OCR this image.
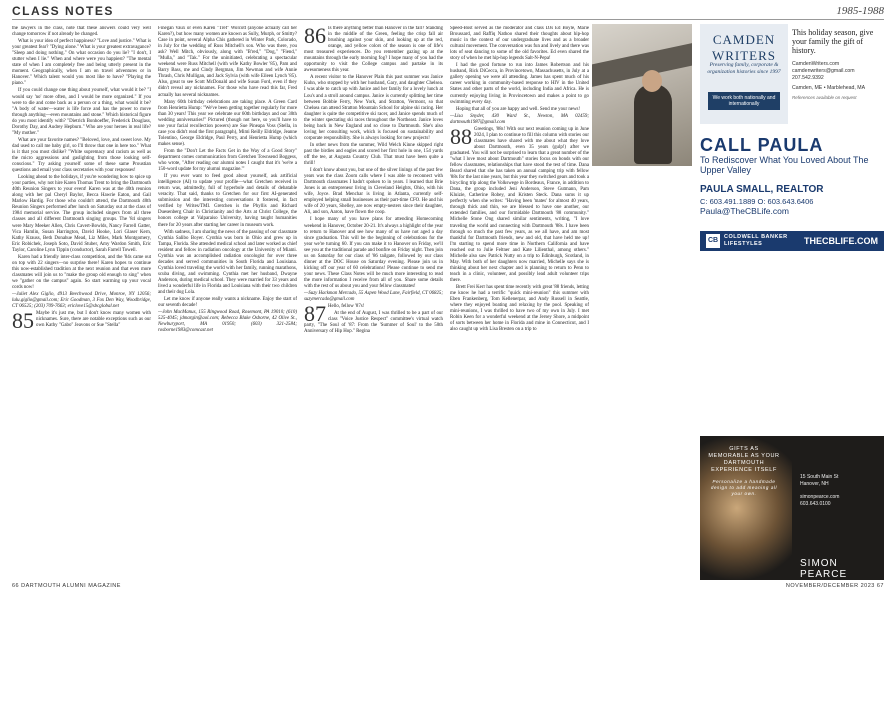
CLASS NOTES	1985-1988

the lawyers in the class, note that these answers could very well change tomorrow if not already be changed.

What is your idea of perfect happiness? "Love and justice." What is your greatest fear? "Dying alone." What is your greatest extravagance? "Sleep and doing nothing." On what occasion do you lie? "I don't, I stutter when I lie." When and where were you happiest? "The mental state of when I am completely free and being utterly present in the moment. Geographically, when I am on travel adventures or in Hanover." Which talent would you most like to have? "Playing the piano."

If you could change one thing about yourself, what would it be? "I would say 'no' more often, and I would be more organized." If you were to die and come back as a person or a thing, what would it be? "A body of water—water is life force and has the power to move through anything—even mountains and stone." Which historical figure do you most identify with? "Dietrich Bonhoeffer, Frederick Douglass, Dorothy Day, and Audrey Hepburn." Who are your heroes in real life? "My mother."

What are your favorite names? "Beloved, love, and sweet love. My dad used to call me baby girl, so I'll throw that one in here too." What is it that you most dislike? "White supremacy and racism as well as the micro aggressions and gaslighting from those looking self-conscious." Try asking yourself some of these same Proustian questions and email your class secretaries with your responses!

Looking ahead to the holidays, if you're wondering how to spice up your parties, why not hire Karen Thomas Trent to bring the Dartmouth 40th Reunion Singers to your event! Karen was at the 40th reunion along with her pal Cheryl Baylor, Becca Hawrie Eaton, and Gail Marlow Hardig. For those who couldn't attend, the Dartmouth 40th Reunion Singers performed after lunch on Saturday out at the class of 1984 memorial service. The group included singers from all three classes and all different Dartmouth singing groups. The '84 singers were Mary Meeker Allen, Chris Cavert-Bowlds, Nancy Farrell Gatter, Vica Hamlin, Susan Harrington, David Hooke, Lori Glaser Kern, Kathy Krauss, Beth Donahue Mead, Liz Miles, Mark Montgomery, Eric Robichek, Joseph Soto, David Stuber, Amy Wardon Smith, Eric Taylor, Caroline Lynn Tippin (conductor), Sarah Farrell Towell.

Karen had a friendly inter-class competition, and the '84s came out on top with 22 singers—no surprise there! Karen hopes to continue this now-established tradition at the next reunion and that even more classmates will join us to "make the group old enough to sing" when we "gather on the campus" again. So start warming up your vocal cords now!

—Juliet Alex Giglio, 4913 Beechwood Drive, Monroe, NY 12056; lulu.giglio@gmail.com; Eric Goodman, 3 Fox Den Way, Woodbridge, CT 06525; (203) 709-7663; ericlove15@sbcglobal.net

85 Maybe it's just me, but I don't know many women with nicknames. Sure, there are notable exceptions such as our own Kathy "Gabo" Jeavons or Sue "Stella"

Finegan Vaux or even Karen "Tref" Wolcott (anyone actually call her Karen?), but how many women are known as Sully, Murph, or Smitty? Case in point, several Alpha Chis gathered in Winter Park, Colorado, in July for the wedding of Russ Mitchell's son. Who was there, you ask? Well Mitch, obviously, along with "B'red," "Dog," "Fiend," "Mulla," and "Tak." For the uninitiated, celebrating a spectacular weekend were Russ Mitchell (with wife Kathy Bowler '85), Pam and Barry Bass, me and Cindy Bergman, Jim Newman and wife Annie Thrash, Chris Mulligan, and Jack Sylvia (with wife Eileen Lynch '85). Also, great to see Scott McDonald and wife Susan Ford, even if they didn't reveal any nicknames. For those who have read this far, Fred actually has several nicknames.

Many 60th birthday celebrations are taking place. A Green Card from Henrietta Hump: "We've been getting together regularly for more than 30 years! This year we celebrate our 60th birthdays and our 30th wedding anniversaries!" Pictured (though not here, so you'll have to use your facial recollection powers) are Sue Pineapa Voss (Stella, in case you didn't read the first paragraph), Mimi Reilly Eldridge, Jeanne Tolentino, George Eldridge, Paul Perry, and Henrietta Hump (which makes sense).

From the "Don't Let the Facts Get in the Way of a Good Story" department comes communication from Gretchen Townsend Boggess, who wrote, "After reading our alumni notes I caught that it's 'we're a 150-word update for my alumni magazine.'"

If you ever want to feed good about yourself, ask artificial intelligence (AI) to update your profile—what Gretchen received in return was, admittedly, full of hyperbole and details of debatable veracity. That said, thanks to Gretchen for our first AI-generated submission and the interesting conversations it fostered, in fact verified by Writes/TMI. Gretchen is the Phyllis and Richard Duesenberg Chair in Christianity and the Arts at Christ College, the honors college at Valparaiso University, having taught humanities there for 20 years after starting her career in museum work.

With sadness, I am sharing the news of the passing of our classmate Cynthia Salibo Boyer. Cynthia was born in Ohio and grew up in Tampa, Florida. She attended medical school and later worked as chief resident and fellow in radiation oncology at the University of Miami. Cynthia was an accomplished radiation oncologist for over three decades and served communities in South Florida and Louisiana. Cynthia loved traveling the world with her family, running marathons, scuba diving, and swimming. Cynthia met her husband, Dwayne Anderson, during medical school. They were married for 33 years and lived a wonderful life in Florida and Louisiana with their two children and their dog Lola.

Let me know if anyone really wants a nickname. Enjoy the start of our seventh decade!

—John MacManus, 155 Ringwood Road, Rosemont, PA 19010; (610) 525-4045; jdmargin@aol.com; Rebecca Blake Osborne, 42 Olive St., Newburyport, MA 01950; (603) 321-2584; rosborne1983@comcast.net

86 Is there anything better than Hanover in the fall? Standing in the middle of the Green, feeling the crisp fall air brushing against your skin, and looking up at the red, orange, and yellow colors of the season is one of life's most treasured experiences. Do you remember gazing up at the mountains through the early morning fog? I hope many of you had the opportunity to visit the College campus and partake in its awesomeness this year.

A recent visitor to the Hanover Plain this past summer was Janice Kuhn, who stopped by with her husband, Gary, and daughter Chelsea. I was able to catch up with Janice and her family for a lovely lunch at Lou's and a stroll around campus. Janice is currently splitting her time between Bobbie Ferry, New York, and Stratton, Vermont, so that Chelsea can attend Stratton Mountain School for alpine ski racing. Her daughter is quite the competitive ski racer, and Janice spends much of the winter spectating ski races throughout the Northeast. Janice loves being back in New England and so close to Dartmouth. She's also loving her consulting work, which is focused on sustainability and corporate responsibility. She is always looking for new projects!

In other news from the summer, Wild Welch Kinne skipped right past the birdies and eagles and scored her first hole in one, 154 yards off the tee, at Augusta Country Club. That must have been quite a thrill!

I don't know about you, but one of the silver linings of the past few years was the class Zoom calls where I was able to reconnect with Dartmouth classmates I hadn't spoken to in years. I learned that Brie Jones is an entrepreneur living in Cleveland Heights, Ohio, with his wife, Joyce. Brad Menchar is living in Atlanta, currently self-employed helping small businesses as their part-time CFO. He and his wife of 20 years, Shelley, are now empty-nesters since their daughter, Ali, and son, Aaron, have flown the coop.

I hope many of you have plans for attending Homecoming weekend in Hanover, October 20-21. It's always a highlight of the year to return to Hanover and see how many of us have not aged a day since graduation. This will be the beginning of celebrations for the year we're turning 60. If you can make it to Hanover on Friday, we'll see you at the traditional parade and bonfire on Friday night. Then join us on Saturday for our class of '86 tailgate, followed by our class dinner at the DOC House on Saturday evening. Please join us in kicking off our year of 60 celebrations! Please continue to send me your news. These Class Notes will be much more interesting to read the more information I receive from all of you. Share some details with the rest of us about you and your fellow classmates!

—Suzy Hackman Mercado, 55 Aspen Wood Lane, Fairfield, CT 06825; suzymercado@gmail.com

87 Hello, fellow '87s!

At the end of August, I was thrilled to be a part of our class "Voice Justice Respect" committee's virtual watch party, "The Soul of '87: From the 'Summer of Soul' to the 50th Anniversary of Hip Hop." Regina

Speed-Bost served as the moderator and class DJs Ed Boyle, Marie Broussard, and Raffiq Nathoo shared their thoughts about hip-hop music in the context of our undergraduate lives and as a broader cultural movement. The conversation was fun and lively and there was lots of seat dancing to some of the old favorites. Ed even shared the story of when he met hip-hop legends Salt-N-Pepa!

I had the good fortune to run into James Robertson and his husband, Rick DiCecca, in Provincetown, Massachusetts, in July at a gallery opening we were all attending. James has spent much of his career working in community-based response to HIV in the United States and other parts of the world, including India and Africa. He is currently enjoying living in Provincetown and makes a point to go swimming every day.

Hoping that all of you are happy and well. Send me your news!

—Lisa Snyder, 430 Ward St., Newton, MA 02459; dartmouth1987@gmail.com

88 Greetings, '88s! With our next reunion coming up in June 2024, I plan to continue to fill this column with stories our classmates have shared with me about what they love about Dartmouth, even 35 years (gulp!) after we graduated. You will not be surprised to learn that a great number of the "what I love most about Dartmouth" stories focus on bonds with our fellow classmates, relationships that have stood the test of time. Dana Beard shared that she has taken an annual camping trip with fellow '88s for the last nine years, but this year they switched gears and took a bicycling trip along the Volkswege in Bordeaux, France, in addition to Dana, the group included Jeni Anderson, Steve Gutmann, Pam Kluizie, Catherine Robey, and Kristen Steck. Dana sums it up perfectly when she writes: "Having been 'mates' for almost 40 years, through thick and thin, we are blessed to have one another, our extended families, and our formidable Dartmouth '88 community." Michelle Stone Ong shared similar sentiments, writing, "I love traveling the world and connecting with Dartmouth '88s. I have been through so much the past few years, as we all have, and am most thankful for Dartmouth friends, new and old, that have held me up! I'm starting to spend more time in Northern California and have reached out to Julie Feltner and Kate Lilienthal, among others." Michelle also saw Patrick Nutty on a trip to Edinburgh, Scotland, in May. With both of her daughters now married, Michelle says she is thinking about her next chapter and is planning to return to Penn to teach in a clinic, volunteer, and possibly lead adult volunteer trips there.

Brett Frei Kerr has spent time recently with great '88 friends, letting me know he had a terrific "quick mini-reunion" this summer with Eben Frankenberg, Tom Kellenerpar, and Andy Russell in Seattle, where they enjoyed boating and relaxing by the pool. Speaking of mini-reunions, I was thrilled to have two of my own in July. I met Robin Keen for a wonderful weekend at the Jersey Shore, a midpoint of sorts between her home in Florida and mine in Connecticut, and I also caught up with Lisa Bresten on a trip to

CAMDEN
WRITERS
Preserving family, corporate & organization histories since 1997
We work both nationally and internationally
This holiday season, give your family the gift of history.
CamdenWriters.com
camdenwriters@gmail.com
207.542.9392
Camden, ME • Marblehead, MA
References available on request
CALL PAULA
To Rediscover What You Loved About The Upper Valley
PAULA SMALL, REALTOR
C: 603.491.1889 O: 603.643.6406
Paula@TheCBLife.com
CB	COLDWELL BANKER
LIFESTYLES	THECBLIFE.COM
GIFTS AS MEMORABLE AS YOUR DARTMOUTH EXPERIENCE ITSELF
Personalize a handmade design to add meaning all your own.
15 South Main St
Hanover, NH
simonpearce.com
603.643.0100
SIMON PEARCE
66 DARTMOUTH ALUMNI MAGAZINE	NOVEMBER/DECEMBER 2023 67
